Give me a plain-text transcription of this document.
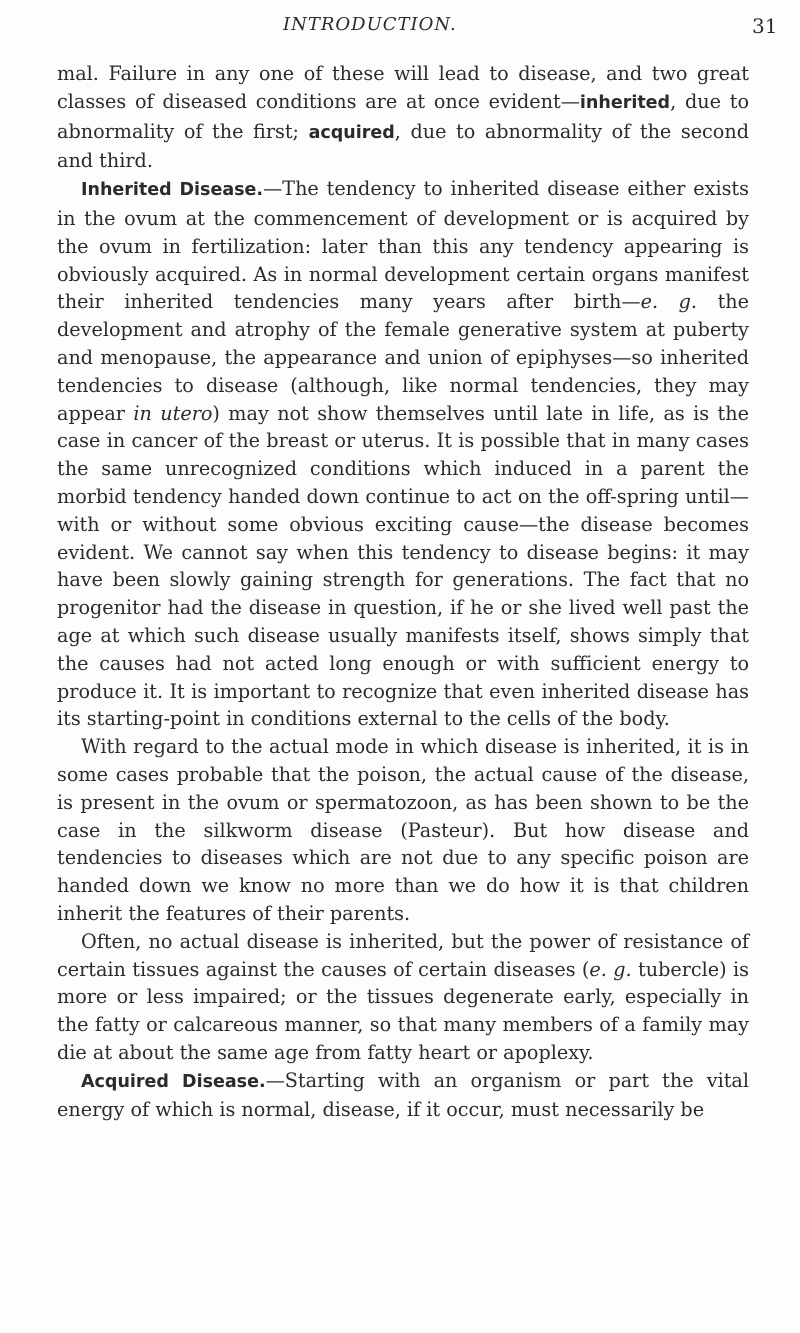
INTRODUCTION.	31

mal. Failure in any one of these will lead to disease, and two great classes of diseased conditions are at once evident—inherited, due to abnormality of the first; acquired, due to abnormality of the second and third.

Inherited Disease.—The tendency to inherited disease either exists in the ovum at the commencement of development or is acquired by the ovum in fertilization: later than this any tendency appearing is obviously acquired. As in normal development certain organs manifest their inherited tendencies many years after birth—e. g. the development and atrophy of the female generative system at puberty and menopause, the appearance and union of epiphyses—so inherited tendencies to disease (although, like normal tendencies, they may appear in utero) may not show themselves until late in life, as is the case in cancer of the breast or uterus. It is possible that in many cases the same unrecognized conditions which induced in a parent the morbid tendency handed down continue to act on the off-spring until—with or without some obvious exciting cause—the disease becomes evident. We cannot say when this tendency to disease begins: it may have been slowly gaining strength for generations. The fact that no progenitor had the disease in question, if he or she lived well past the age at which such disease usually manifests itself, shows simply that the causes had not acted long enough or with sufficient energy to produce it. It is important to recognize that even inherited disease has its starting-point in conditions external to the cells of the body.

With regard to the actual mode in which disease is inherited, it is in some cases probable that the poison, the actual cause of the disease, is present in the ovum or spermatozoon, as has been shown to be the case in the silkworm disease (Pasteur). But how disease and tendencies to diseases which are not due to any specific poison are handed down we know no more than we do how it is that children inherit the features of their parents.

Often, no actual disease is inherited, but the power of resistance of certain tissues against the causes of certain diseases (e. g. tubercle) is more or less impaired; or the tissues degenerate early, especially in the fatty or calcareous manner, so that many members of a family may die at about the same age from fatty heart or apoplexy.

Acquired Disease.—Starting with an organism or part the vital energy of which is normal, disease, if it occur, must necessarily be
